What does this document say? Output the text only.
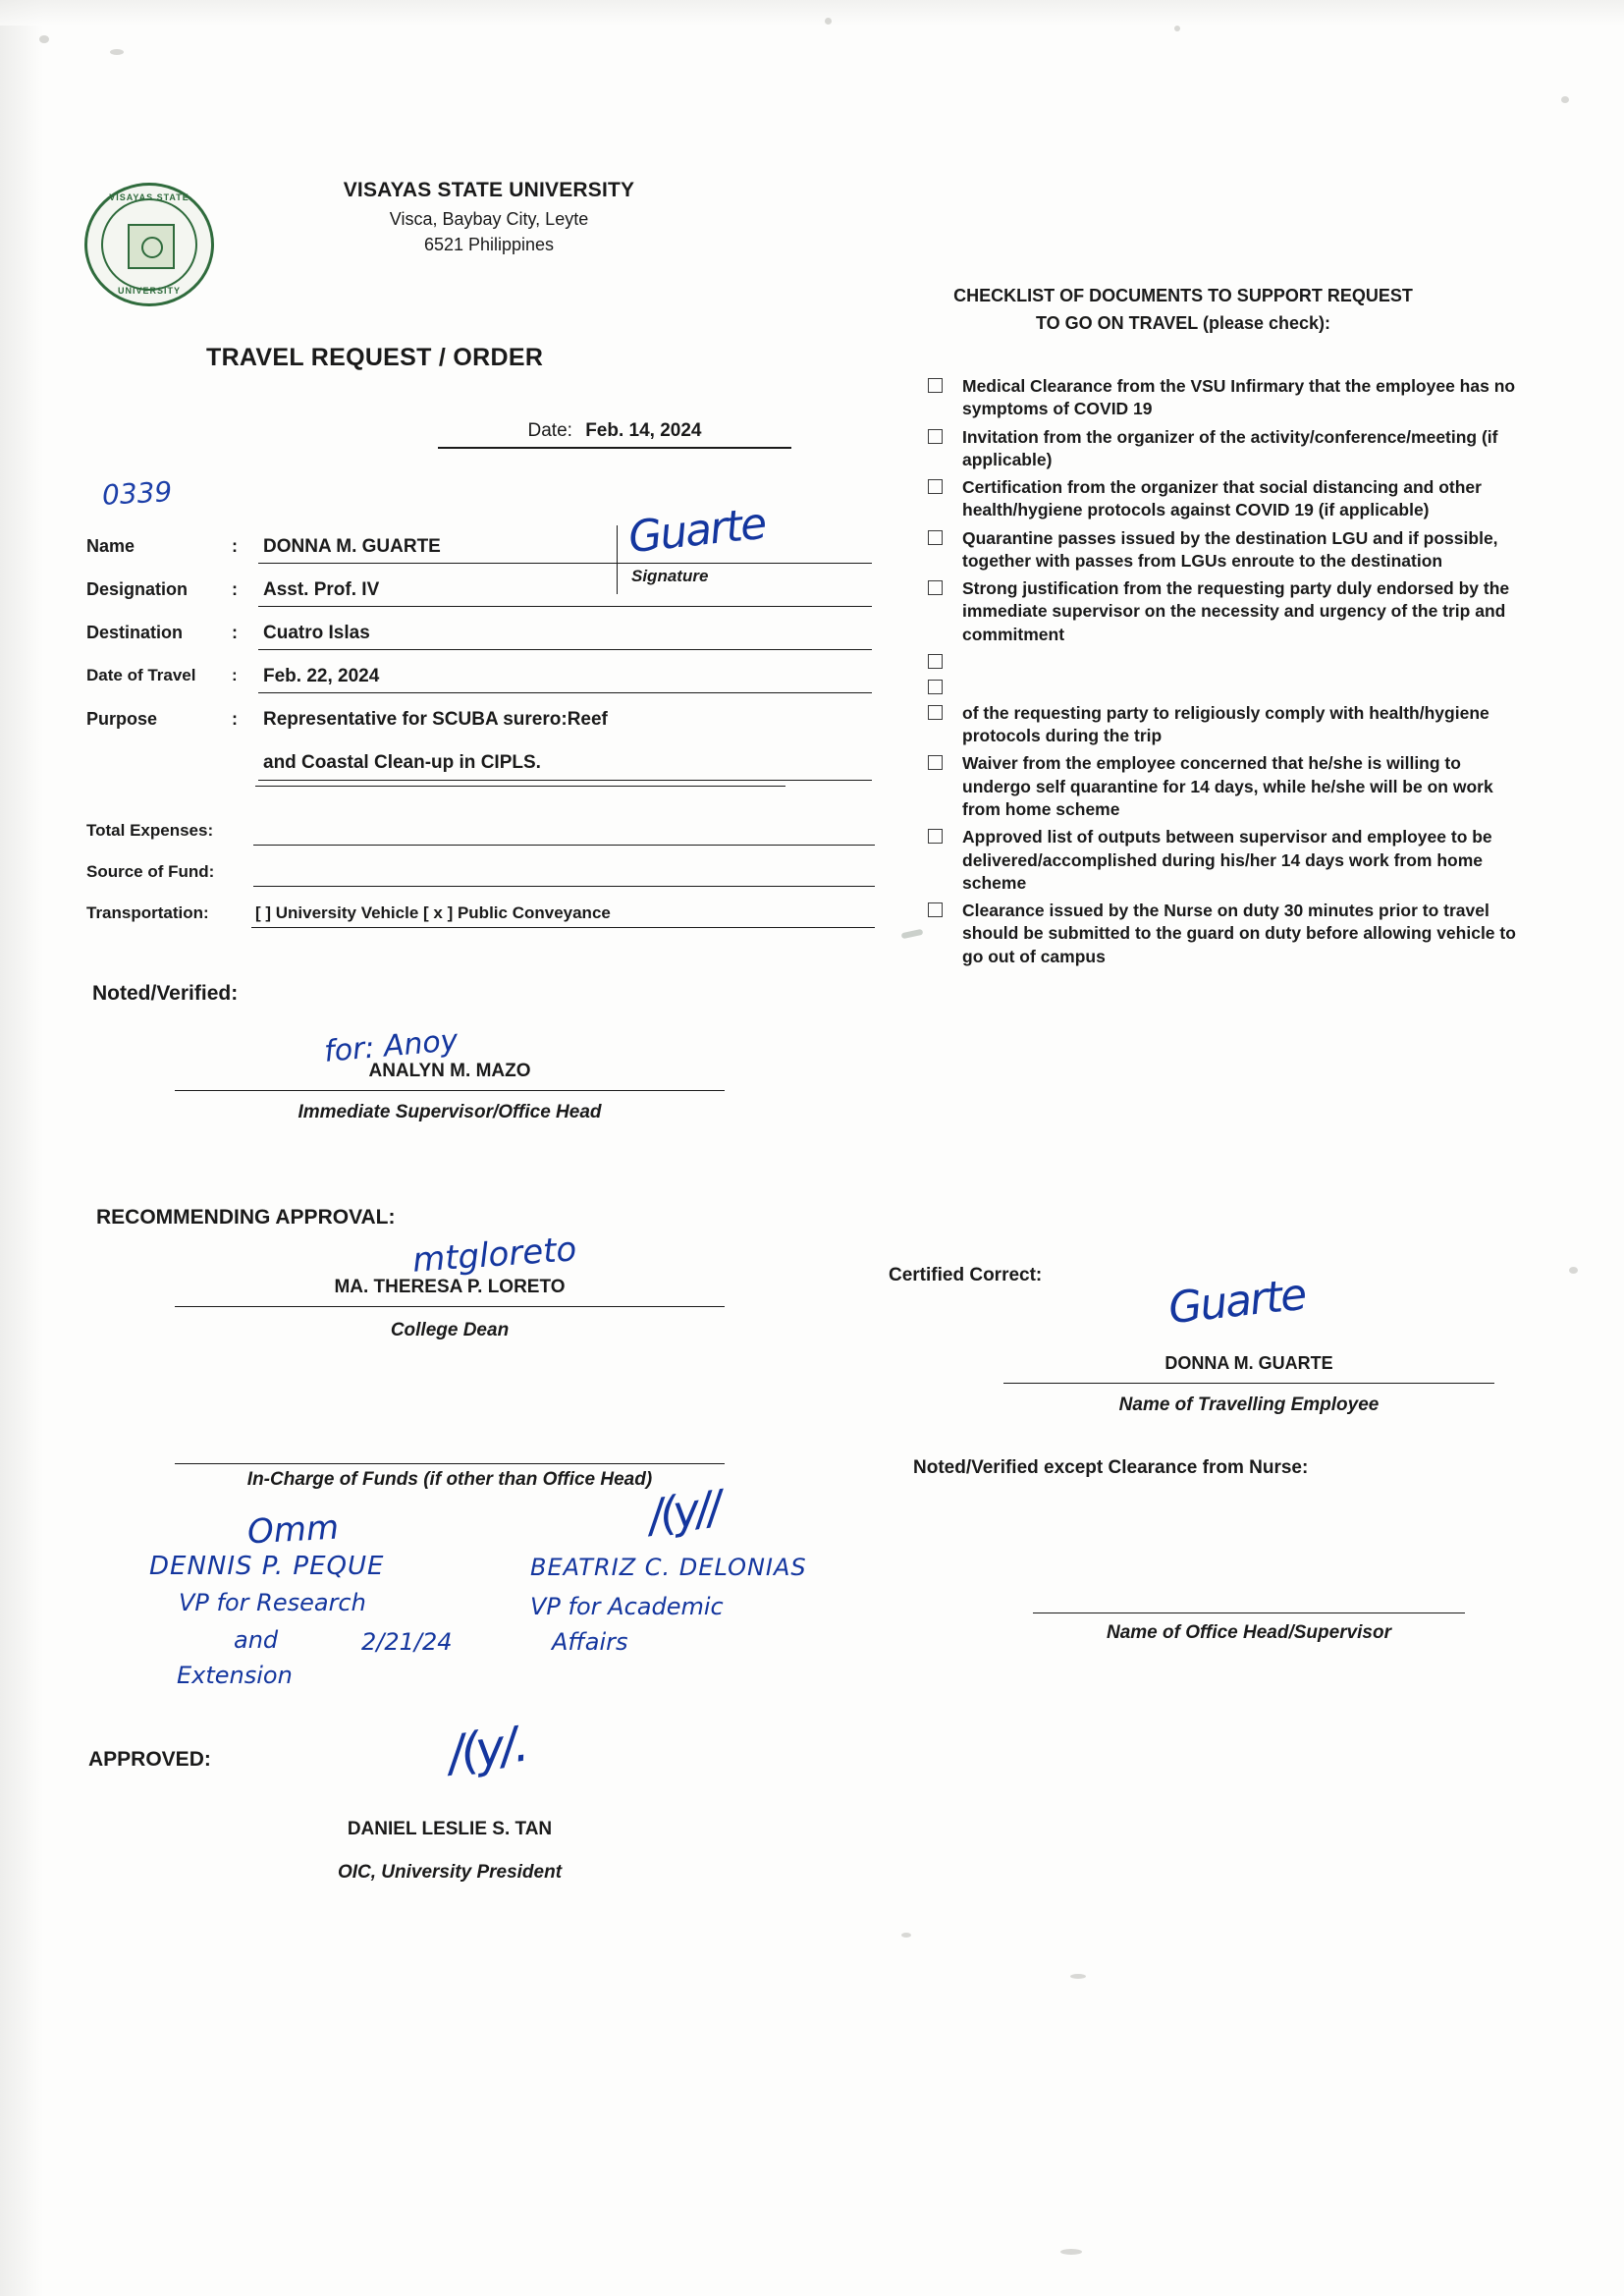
VISAYAS STATE
UNIVERSITY
VISAYAS STATE UNIVERSITY
Visca, Baybay City, Leyte
6521 Philippines
TRAVEL REQUEST / ORDER
Date: Feb. 14, 2024
0339
Name	: DONNA M. GUARTE
Designation : Asst. Prof. IV
Destination	: Cuatro Islas
Date of Travel : Feb. 22, 2024
Purpose	: Representative for SCUBA surero:Reef
and Coastal Clean-up in CIPLS.
Signature
Guarte
Total Expenses:
Source of Fund:
Transportation:	[ ] University Vehicle [ x ] Public Conveyance
Noted/Verified:
for: Anoy
ANALYN M. MAZO
Immediate Supervisor/Office Head
RECOMMENDING APPROVAL:
mtgloreto
MA. THERESA P. LORETO
College Dean
In-Charge of Funds (if other than Office Head)
Omm	/(y//
DENNIS P. PEQUE
VP for Research
and
Extension
2/21/24
BEATRIZ C. DELONIAS
VP for Academic
Affairs
APPROVED:	/(y/.
DANIEL LESLIE S. TAN
OIC, University President
CHECKLIST OF DOCUMENTS TO SUPPORT REQUEST
TO GO ON TRAVEL (please check):
Medical Clearance from the VSU Infirmary that the employee has no symptoms of COVID 19
Invitation from the organizer of the activity/conference/meeting (if applicable)
Certification from the organizer that social distancing and other health/hygiene protocols against COVID 19 (if applicable)
Quarantine passes issued by the destination LGU and if possible, together with passes from LGUs enroute to the destination
Strong justification from the requesting party duly endorsed by the immediate supervisor on the necessity and urgency of the trip and commitment
of the requesting party to religiously comply with health/hygiene protocols during the trip
Waiver from the employee concerned that he/she is willing to undergo self quarantine for 14 days, while he/she will be on work from home scheme
Approved list of outputs between supervisor and employee to be delivered/accomplished during his/her 14 days work from home scheme
Clearance issued by the Nurse on duty 30 minutes prior to travel should be submitted to the guard on duty before allowing vehicle to go out of campus
Certified Correct:	Guarte
DONNA M. GUARTE
Name of Travelling Employee
Noted/Verified except Clearance from Nurse:
Name of Office Head/Supervisor
